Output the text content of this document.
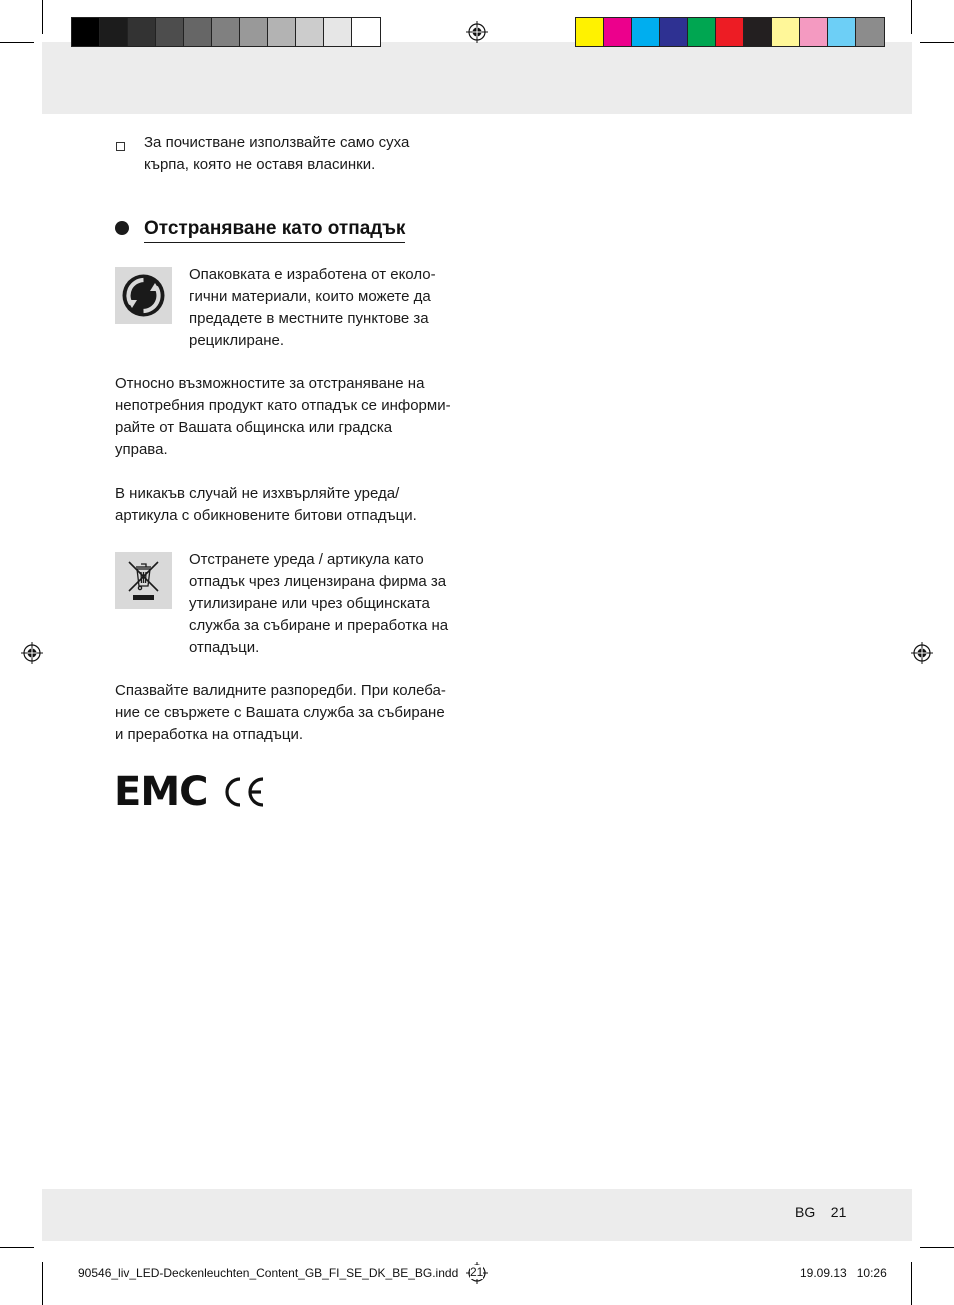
За почистване използвайте само суха
кърпа, която не оставя власинки.
Отстраняване като отпадък
Опаковката е изработена от еколо-
гични материали, които можете да
предадете в местните пунктове за
рециклиране.
Относно възможностите за отстраняване на
непотребния продукт като отпадък се информи-
райте от Вашата общинска или градска
управа.
В никакъв случай не изхвърляйте уреда/
артикула с обикновените битови отпадъци.
Отстранете уреда / артикула като
отпадък чрез лицензирана фирма за
утилизиране или чрез общинската
служба за събиране и преработка на
отпадъци.
Спазвайте валидните разпоредби. При колеба-
ние се свържете с Вашата служба за събиране
и преработка на отпадъци.
EMC
BG 21
90546_liv_LED-Deckenleuchten_Content_GB_FI_SE_DK_BE_BG.indd 21	19.09.13 10:26
